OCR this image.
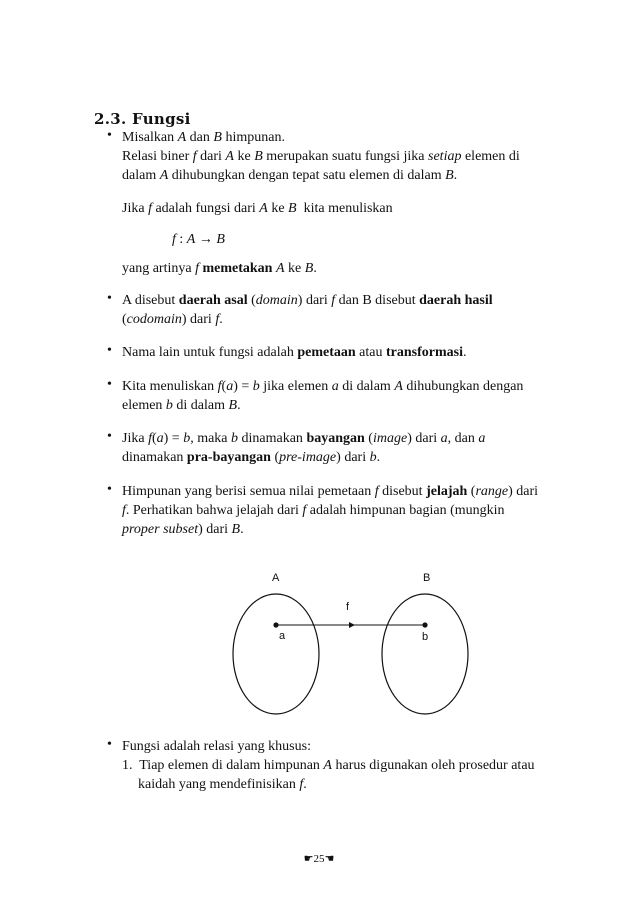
2.3. Fungsi
• Misalkan A dan B himpunan.
Relasi biner f dari A ke B merupakan suatu fungsi jika setiap elemen di
dalam A dihubungkan dengan tepat satu elemen di dalam B.
Jika f adalah fungsi dari A ke B  kita menuliskan
f : A → B
yang artinya f memetakan A ke B.
• A disebut daerah asal (domain) dari f dan B disebut daerah hasil
(codomain) dari f.
• Nama lain untuk fungsi adalah pemetaan atau transformasi.
• Kita menuliskan f(a) = b jika elemen a di dalam A dihubungkan dengan
elemen b di dalam B.
• Jika f(a) = b, maka b dinamakan bayangan (image) dari a, dan a
dinamakan pra-bayangan (pre-image) dari b.
• Himpunan yang berisi semua nilai pemetaan f disebut jelajah (range) dari
f. Perhatikan bahwa jelajah dari f adalah himpunan bagian (mungkin
proper subset) dari B.
A	B
f
a	b
• Fungsi adalah relasi yang khusus:
1.  Tiap elemen di dalam himpunan A harus digunakan oleh prosedur atau
kaidah yang mendefinisikan f.
☛25☚
